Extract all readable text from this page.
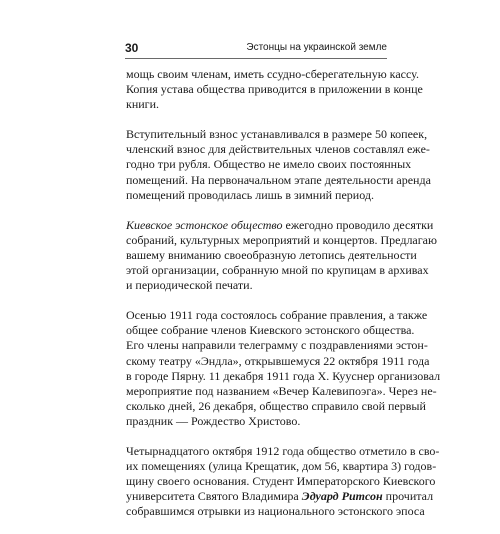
30	Эстонцы на украинской земле
мощь своим членам, иметь ссудно-сберегательную кассу.
Копия устава общества приводится в приложении в конце
книги.
Вступительный взнос устанавливался в размере 50 копеек,
членский взнос для действительных членов составлял ежe-
годно три рубля. Общество не имело своих постоянных
помещений. На первоначальном этапе деятельности аренда
помещений проводилась лишь в зимний период.
Киевское эстонское общество ежегодно проводило десятки
собраний, культурных мероприятий и концертов. Предлагаю
вашему вниманию своеобразную летопись деятельности
этой организации, собранную мной по крупицам в архивах
и периодической печати.
Осенью 1911 года состоялось собрание правления, а также
общее собрание членов Киевского эстонского общества.
Его члены направили телеграмму с поздравлениями эстон-
скому театру «Эндла», открывшемуся 22 октября 1911 года
в городе Пярну. 11 декабря 1911 года Х. Кууснер организовал
мероприятие под названием «Вечер Калевипоэга». Через не-
сколько дней, 26 декабря, общество справило свой первый
праздник — Рождество Христово.
Четырнадцатого октября 1912 года общество отметило в сво-
их помещениях (улица Крещатик, дом 56, квартира 3) годов-
щину своего основания. Студент Императорского Киевского
университета Святого Владимира Эдуард Ритсон прочитал
собравшимся отрывки из национального эстонского эпоса
